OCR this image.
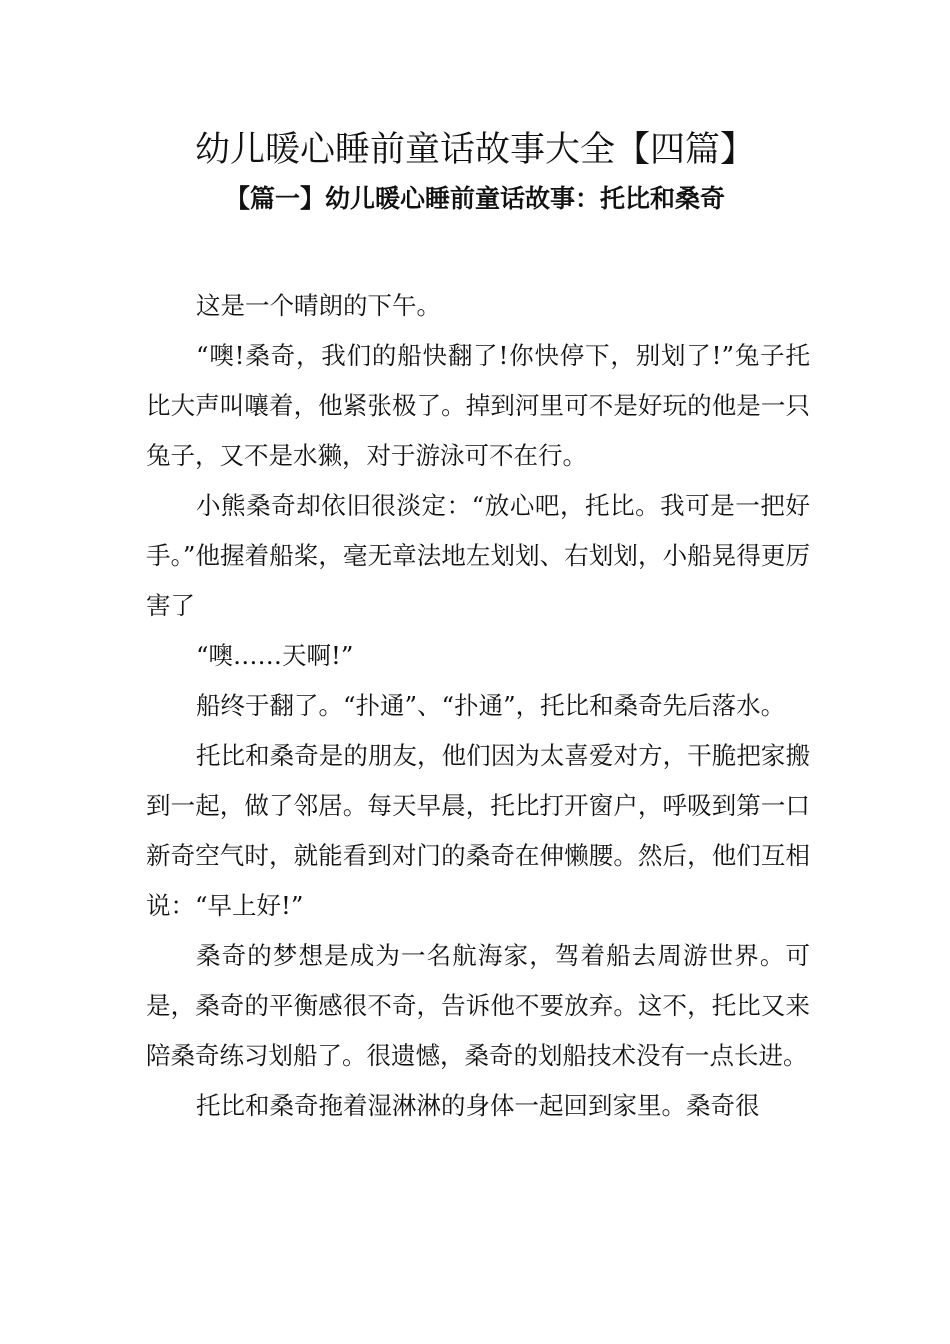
幼儿暖心睡前童话故事大全【四篇】
【篇一】幼儿暖心睡前童话故事：托比和桑奇

这是一个晴朗的下午。

“噢!桑奇，我们的船快翻了!你快停下，别划了!”兔子托比大声叫嚷着，他紧张极了。掉到河里可不是好玩的他是一只兔子，又不是水獭，对于游泳可不在行。

小熊桑奇却依旧很淡定：“放心吧，托比。我可是一把好手。”他握着船桨，毫无章法地左划划、右划划，小船晃得更厉害了

“噢……天啊!”

船终于翻了。“扑通”、“扑通”，托比和桑奇先后落水。

托比和桑奇是的朋友，他们因为太喜爱对方，干脆把家搬到一起，做了邻居。每天早晨，托比打开窗户，呼吸到第一口新奇空气时，就能看到对门的桑奇在伸懒腰。然后，他们互相说：“早上好!”

桑奇的梦想是成为一名航海家，驾着船去周游世界。可是，桑奇的平衡感很不奇，告诉他不要放弃。这不，托比又来陪桑奇练习划船了。很遗憾，桑奇的划船技术没有一点长进。

托比和桑奇拖着湿淋淋的身体一起回到家里。桑奇很
